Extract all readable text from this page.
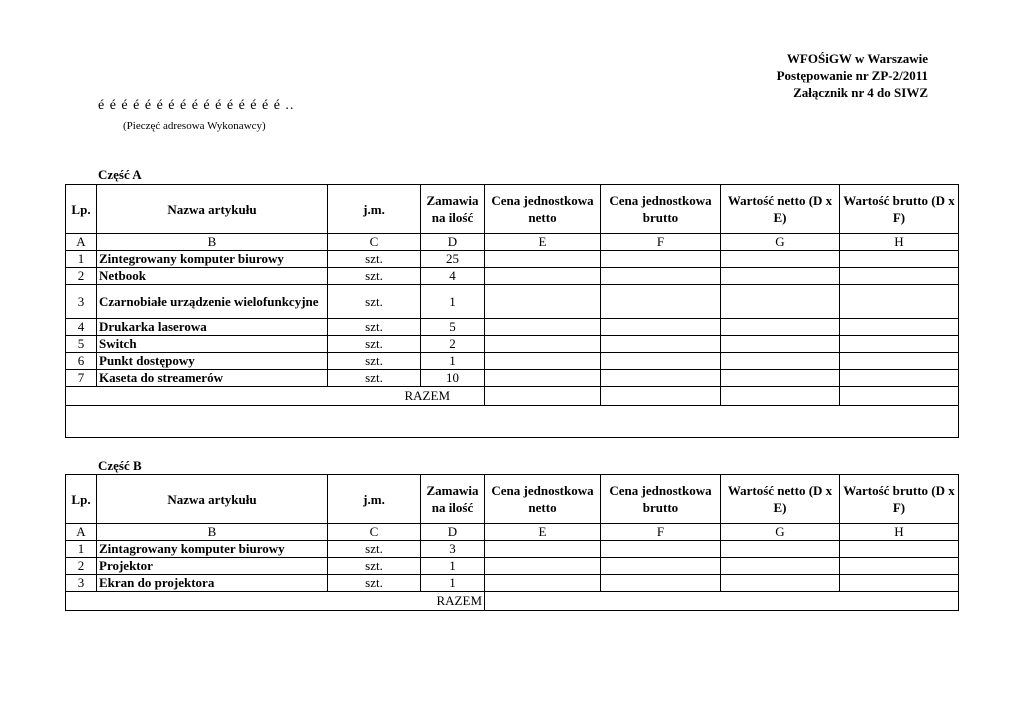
WFOŚiGW w Warszawie
Postępowanie nr ZP-2/2011
Załącznik nr 4 do SIWZ
é é é é é é é é é é é é é é é é ..
(Pieczęć adresowa Wykonawcy)
Część A
Lp.	Nazwa artykułu	j.m.	Zamawia na ilość	Cena jednostkowa netto	Cena jednostkowa brutto	Wartość netto (D x E)	Wartość brutto (D x F)
A	B	C	D	E	F	G	H
1	Zintegrowany komputer biurowy	szt.	25				
2	Netbook	szt.	4				
3	Czarnobiałe urządzenie wielofunkcyjne	szt.	1				
4	Drukarka laserowa	szt.	5				
5	Switch	szt.	2				
6	Punkt dostępowy	szt.	1				
7	Kaseta do streamerów	szt.	10				
RAZEM							

Część B
Lp.	Nazwa artykułu	j.m.	Zamawia na ilość	Cena jednostkowa netto	Cena jednostkowa brutto	Wartość netto (D x E)	Wartość brutto (D x F)
A	B	C	D	E	F	G	H
1	Zintagrowany komputer biurowy	szt.	3				
2	Projektor	szt.	1				
3	Ekran do projektora	szt.	1				
RAZEM							
